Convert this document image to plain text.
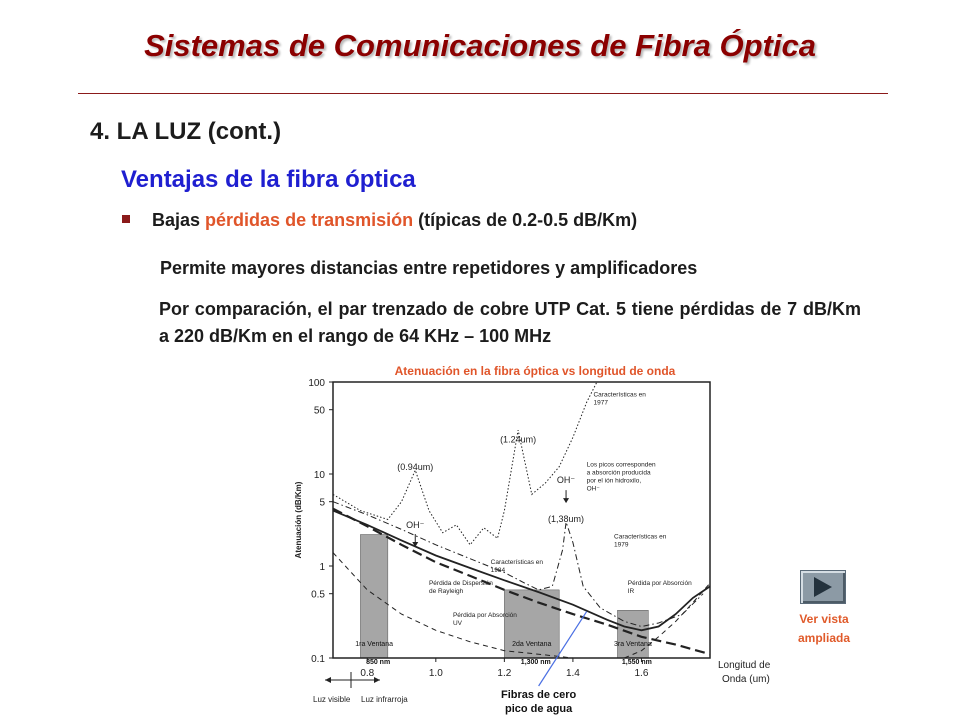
Sistemas de Comunicaciones de Fibra Óptica
4. LA LUZ (cont.)
Ventajas de la fibra óptica
Bajas pérdidas de transmisión (típicas de 0.2-0.5 dB/Km)
Permite mayores distancias entre repetidores y amplificadores
Por comparación, el par trenzado de cobre UTP Cat. 5 tiene pérdidas de 7 dB/Km a 220 dB/Km en el rango de 64 KHz – 100 MHz
Atenuación en la fibra óptica vs longitud de onda
1ra Ventana
850 nm
2da Ventana
1,300 nm
3ra Ventana
1,550 nm
0.1
0.5
1
5
10
50
100
0.8	1.0	1.2	1.4	1.6
Atenuación (dB/Km)
Longitud de
Onda (um)
(0.94um)
(1.24um)
(1,38um)
OH⁻
OH⁻
Características en 1977
Los picos corresponden a absorción producida por el ión hidroxilo, OH⁻
Características en 1979
Características en 1984
Pérdida de Dispersión de Rayleigh
Pérdida por Absorción UV
Pérdida por Absorción IR
Luz visible Luz infrarroja	Fibras de cero
pico de agua
Ver vista
ampliada
